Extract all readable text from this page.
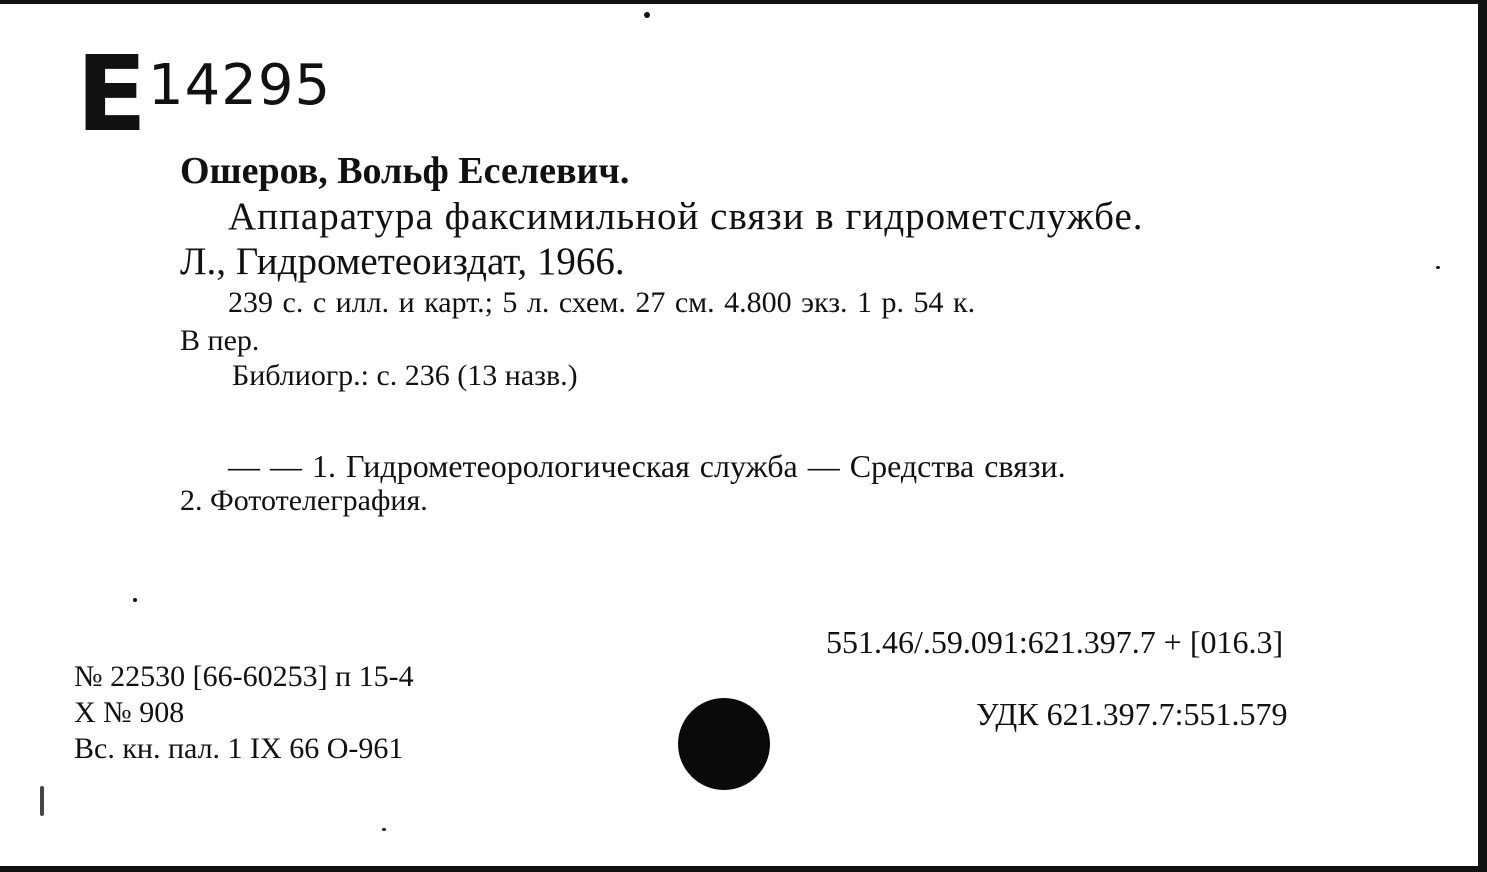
E 14295
Ошеров, Вольф Еселевич.
Аппаратура факсимильной связи в гидрометслужбе.
Л., Гидрометеоиздат, 1966.
239 с. с илл. и карт.; 5 л. схем. 27 см. 4.800 экз. 1 р. 54 к.
В пер.
Библиогр.: с. 236 (13 назв.)
— — 1. Гидрометеорологическая служба — Средства связи.
2. Фототелеграфия.
551.46/.59.091:621.397.7 + [016.3]
УДК 621.397.7:551.579
№ 22530 [66-60253] п 15-4
Х № 908
Вс. кн. пал. 1 IX 66 О-961
